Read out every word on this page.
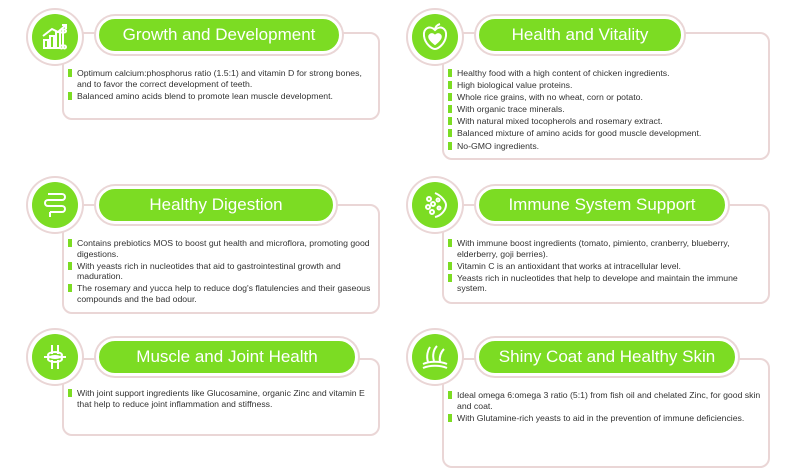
Growth and Development
Optimum calcium:phosphorus ratio (1.5:1) and vitamin D for strong bones, and to favor the correct development of teeth.
Balanced amino acids blend to promote lean muscle development.
Health and Vitality
Healthy food with a high content of chicken ingredients.
High biological value proteins.
Whole rice grains, with no wheat, corn or potato.
With organic trace minerals.
With natural mixed tocopherols and rosemary extract.
Balanced mixture of amino acids for good muscle development.
No-GMO ingredients.
Healthy Digestion
Contains prebiotics MOS to boost gut health and microflora, promoting good digestions.
With yeasts rich in nucleotides that aid to gastrointestinal growth and maduration.
The rosemary and yucca help to reduce dog's flatulencies and their gaseous compounds and the bad odour.
Immune System Support
With immune boost ingredients (tomato, pimiento, cranberry, blueberry, elderberry, goji berries).
Vitamin C is an antioxidant that works at intracellular level.
Yeasts rich in nucleotides that help to develope and maintain the immune system.
Muscle and Joint Health
With joint support ingredients like Glucosamine, organic Zinc and vitamin E that help to reduce joint inflammation and stiffness.
Shiny Coat and Healthy Skin
Ideal omega 6:omega 3 ratio (5:1) from fish oil and chelated Zinc, for good skin and coat.
With Glutamine-rich yeasts to aid in the prevention of immune deficiencies.
